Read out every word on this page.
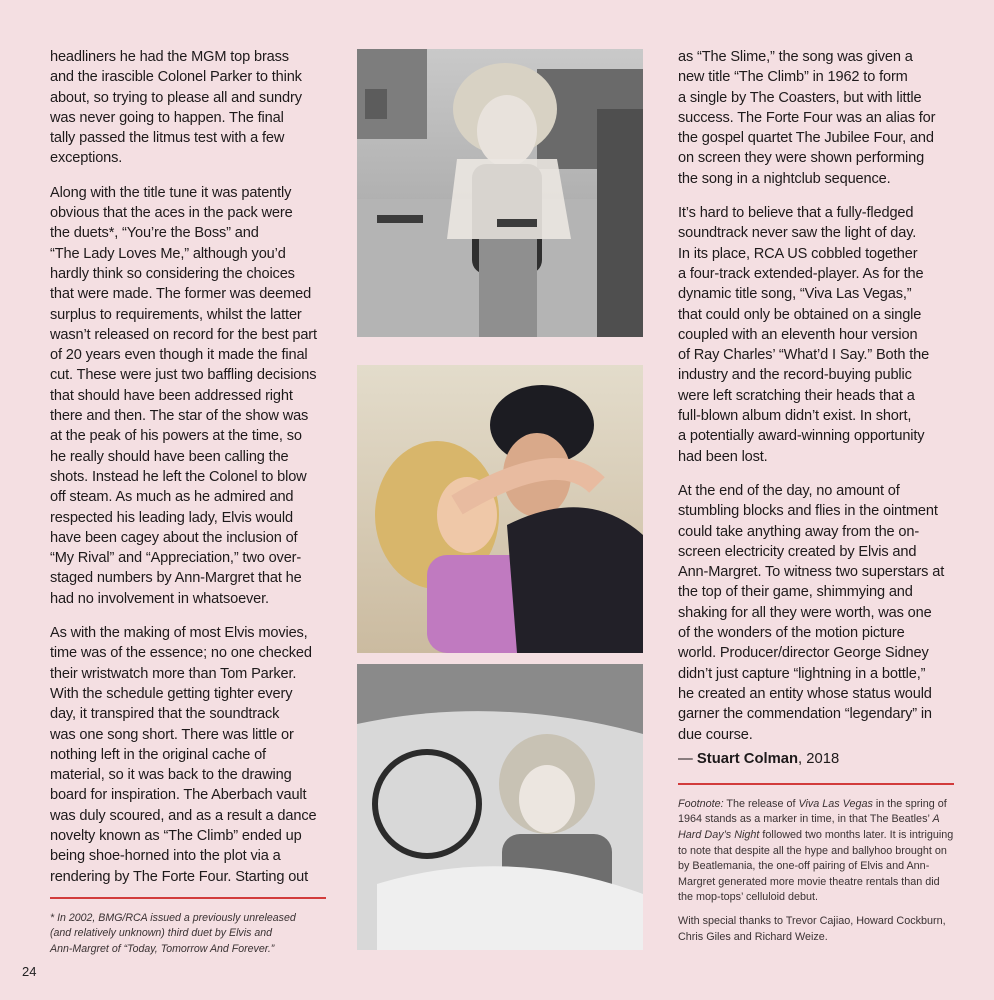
headliners he had the MGM top brass
and the irascible Colonel Parker to think
about, so trying to please all and sundry
was never going to happen. The final
tally passed the litmus test with a few
exceptions.

Along with the title tune it was patently
obvious that the aces in the pack were
the duets*, “You’re the Boss” and
“The Lady Loves Me,” although you’d
hardly think so considering the choices
that were made. The former was deemed
surplus to requirements, whilst the latter
wasn’t released on record for the best part
of 20 years even though it made the final
cut. These were just two baffling decisions
that should have been addressed right
there and then. The star of the show was
at the peak of his powers at the time, so
he really should have been calling the
shots. Instead he left the Colonel to blow
off steam. As much as he admired and
respected his leading lady, Elvis would
have been cagey about the inclusion of
“My Rival” and “Appreciation,” two over-
staged numbers by Ann-Margret that he
had no involvement in whatsoever.

As with the making of most Elvis movies,
time was of the essence; no one checked
their wristwatch more than Tom Parker.
With the schedule getting tighter every
day, it transpired that the soundtrack
was one song short. There was little or
nothing left in the original cache of
material, so it was back to the drawing
board for inspiration. The Aberbach vault
was duly scoured, and as a result a dance
novelty known as “The Climb” ended up
being shoe-horned into the plot via a
rendering by The Forte Four. Starting out

* In 2002, BMG/RCA issued a previously unreleased
(and relatively unknown) third duet by Elvis and
Ann-Margret of “Today, Tomorrow And Forever.”

as “The Slime,” the song was given a
new title “The Climb” in 1962 to form
a single by The Coasters, but with little
success. The Forte Four was an alias for
the gospel quartet The Jubilee Four, and
on screen they were shown performing
the song in a nightclub sequence.

It’s hard to believe that a fully-fledged
soundtrack never saw the light of day.
In its place, RCA US cobbled together
a four-track extended-player. As for the
dynamic title song, “Viva Las Vegas,”
that could only be obtained on a single
coupled with an eleventh hour version
of Ray Charles’ “What’d I Say.” Both the
industry and the record-buying public
were left scratching their heads that a
full-blown album didn’t exist. In short,
a potentially award-winning opportunity
had been lost.

At the end of the day, no amount of
stumbling blocks and flies in the ointment
could take anything away from the on-
screen electricity created by Elvis and
Ann-Margret. To witness two superstars at
the top of their game, shimmying and
shaking for all they were worth, was one
of the wonders of the motion picture
world. Producer/director George Sidney
didn’t just capture “lightning in a bottle,”
he created an entity whose status would
garner the commendation “legendary” in
due course.

— Stuart Colman, 2018
Footnote: The release of Viva Las Vegas in the spring of 1964 stands as a marker in time, in that The Beatles’ A Hard Day’s Night followed two months later. It is intriguing to note that despite all the hype and ballyhoo brought on by Beatlemania, the one-off pairing of Elvis and Ann-Margret generated more movie theatre rentals than did the mop-tops’ celluloid debut.
With special thanks to Trevor Cajiao, Howard Cockburn,
Chris Giles and Richard Weize.
24
